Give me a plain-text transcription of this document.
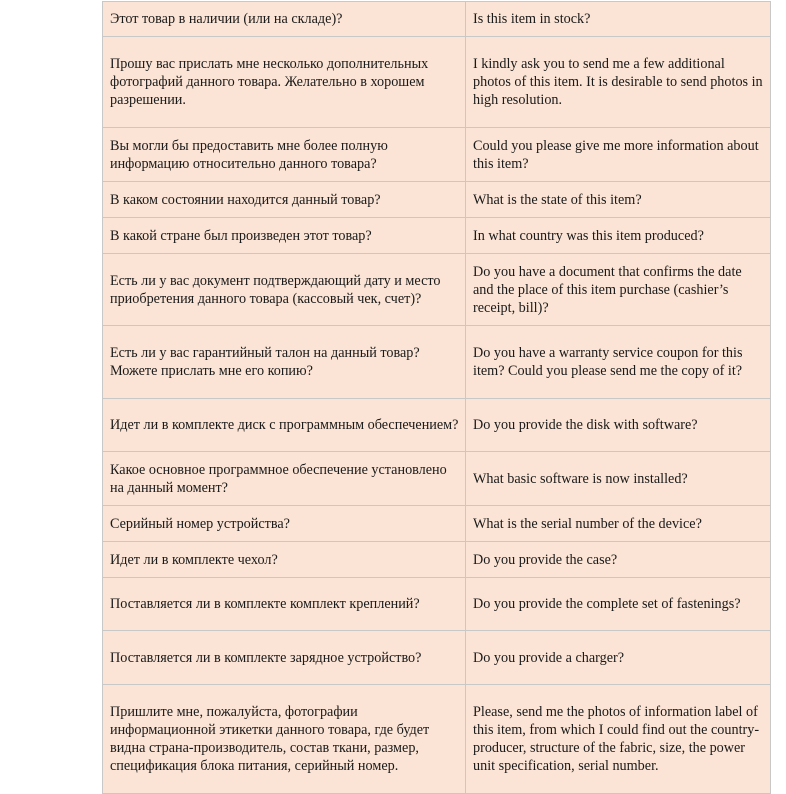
Этот товар в наличии (или на складе)?	Is this item in stock?
Прошу вас прислать мне несколько дополнительных фотографий данного товара. Желательно в хорошем разрешении.	I kindly ask you to send me a few additional photos of this item. It is desirable to send photos in high resolution.
Вы могли бы предоставить мне более полную информацию относительно данного товара?	Could you please give me more information about this item?
В каком состоянии находится данный товар?	What is the state of this item?
В какой стране был произведен этот товар?	In what country was this item produced?
Есть ли у вас документ подтверждающий дату и место приобретения данного товара (кассовый чек, счет)?	Do you have a document that confirms the date and the place of this item purchase (cashier’s receipt, bill)?
Есть ли у вас гарантийный талон на данный товар? Можете прислать мне его копию?	Do you have a warranty service coupon for this item? Could you please send me the copy of it?
Идет ли в комплекте диск с программным обеспечением?	Do you provide the disk with software?
Какое основное программное обеспечение установлено на данный момент?	What basic software is now installed?
Серийный номер устройства?	What is the serial number of the device?
Идет ли в комплекте чехол?	Do you provide the case?
Поставляется ли в комплекте комплект креплений?	Do you provide the complete set of fastenings?
Поставляется ли в комплекте зарядное устройство?	Do you provide a charger?
Пришлите мне, пожалуйста, фотографии информационной этикетки данного товара, где будет видна страна-производитель, состав ткани, размер, спецификация блока питания, серийный номер.	Please, send me the photos of information label of this item, from which I could find out the country-producer, structure of the fabric, size, the power unit specification, serial number.
